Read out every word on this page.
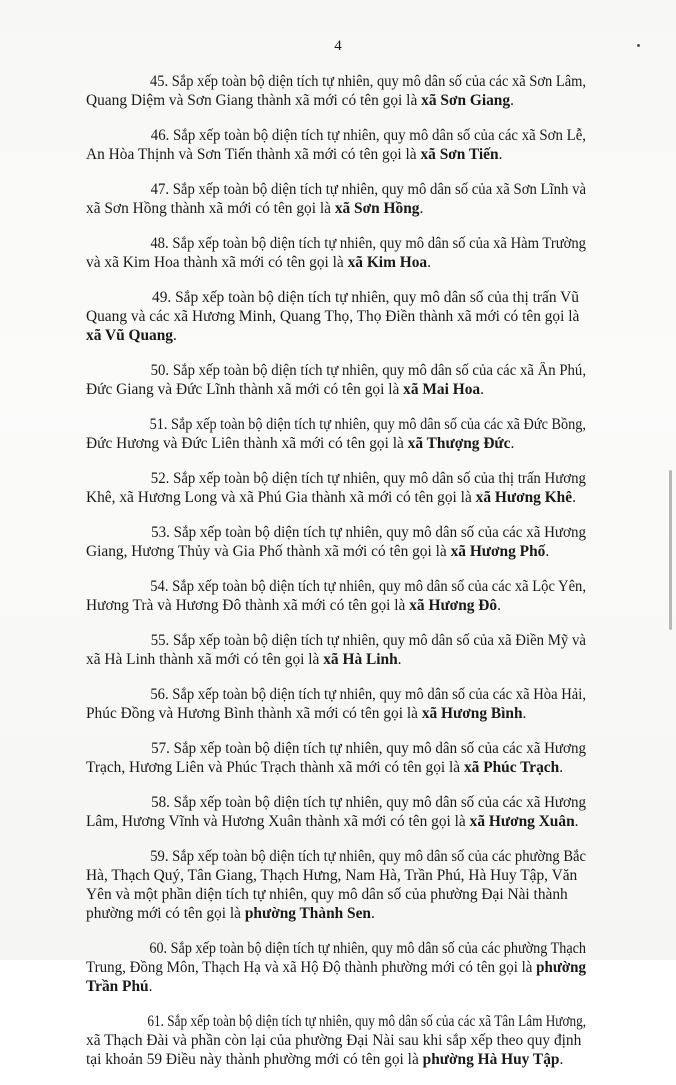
4
45. Sắp xếp toàn bộ diện tích tự nhiên, quy mô dân số của các xã Sơn Lâm,
Quang Diệm và Sơn Giang thành xã mới có tên gọi là xã Sơn Giang.
46. Sắp xếp toàn bộ diện tích tự nhiên, quy mô dân số của các xã Sơn Lễ,
An Hòa Thịnh và Sơn Tiến thành xã mới có tên gọi là xã Sơn Tiến.
47. Sắp xếp toàn bộ diện tích tự nhiên, quy mô dân số của xã Sơn Lĩnh và
xã Sơn Hồng thành xã mới có tên gọi là xã Sơn Hồng.
48. Sắp xếp toàn bộ diện tích tự nhiên, quy mô dân số của xã Hàm Trường
và xã Kim Hoa thành xã mới có tên gọi là xã Kim Hoa.
49. Sắp xếp toàn bộ diện tích tự nhiên, quy mô dân số của thị trấn Vũ
Quang và các xã Hương Minh, Quang Thọ, Thọ Điền thành xã mới có tên gọi là
xã Vũ Quang.
50. Sắp xếp toàn bộ diện tích tự nhiên, quy mô dân số của các xã Ân Phú,
Đức Giang và Đức Lĩnh thành xã mới có tên gọi là xã Mai Hoa.
51. Sắp xếp toàn bộ diện tích tự nhiên, quy mô dân số của các xã Đức Bồng,
Đức Hương và Đức Liên thành xã mới có tên gọi là xã Thượng Đức.
52. Sắp xếp toàn bộ diện tích tự nhiên, quy mô dân số của thị trấn Hương
Khê, xã Hương Long và xã Phú Gia thành xã mới có tên gọi là xã Hương Khê.
53. Sắp xếp toàn bộ diện tích tự nhiên, quy mô dân số của các xã Hương
Giang, Hương Thủy và Gia Phố thành xã mới có tên gọi là xã Hương Phố.
54. Sắp xếp toàn bộ diện tích tự nhiên, quy mô dân số của các xã Lộc Yên,
Hương Trà và Hương Đô thành xã mới có tên gọi là xã Hương Đô.
55. Sắp xếp toàn bộ diện tích tự nhiên, quy mô dân số của xã Điền Mỹ và
xã Hà Linh thành xã mới có tên gọi là xã Hà Linh.
56. Sắp xếp toàn bộ diện tích tự nhiên, quy mô dân số của các xã Hòa Hải,
Phúc Đồng và Hương Bình thành xã mới có tên gọi là xã Hương Bình.
57. Sắp xếp toàn bộ diện tích tự nhiên, quy mô dân số của các xã Hương
Trạch, Hương Liên và Phúc Trạch thành xã mới có tên gọi là xã Phúc Trạch.
58. Sắp xếp toàn bộ diện tích tự nhiên, quy mô dân số của các xã Hương
Lâm, Hương Vĩnh và Hương Xuân thành xã mới có tên gọi là xã Hương Xuân.
59. Sắp xếp toàn bộ diện tích tự nhiên, quy mô dân số của các phường Bắc
Hà, Thạch Quý, Tân Giang, Thạch Hưng, Nam Hà, Trần Phú, Hà Huy Tập, Văn
Yên và một phần diện tích tự nhiên, quy mô dân số của phường Đại Nài thành
phường mới có tên gọi là phường Thành Sen.
60. Sắp xếp toàn bộ diện tích tự nhiên, quy mô dân số của các phường Thạch
Trung, Đồng Môn, Thạch Hạ và xã Hộ Độ thành phường mới có tên gọi là phường
Trần Phú.
61. Sắp xếp toàn bộ diện tích tự nhiên, quy mô dân số của các xã Tân Lâm Hương,
xã Thạch Đài và phần còn lại của phường Đại Nài sau khi sắp xếp theo quy định
tại khoản 59 Điều này thành phường mới có tên gọi là phường Hà Huy Tập.
